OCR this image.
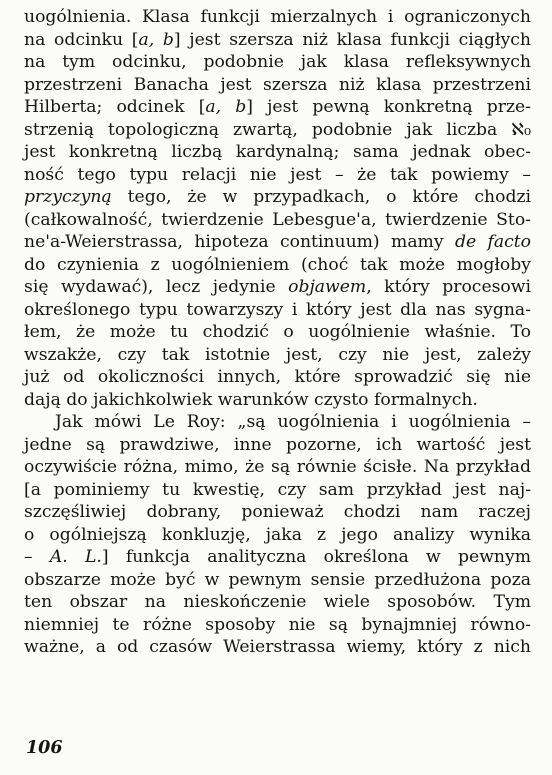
uogólnienia. Klasa funkcji mierzalnych i ograniczonych
na odcinku [a, b] jest szersza niż klasa funkcji ciągłych
na tym odcinku, podobnie jak klasa refleksywnych
przestrzeni Banacha jest szersza niż klasa przestrzeni
Hilberta; odcinek [a, b] jest pewną konkretną prze-
strzenią topologiczną zwartą, podobnie jak liczba ℵ₀
jest konkretną liczbą kardynalną; sama jednak obec-
ność tego typu relacji nie jest – że tak powiemy –
przyczyną tego, że w przypadkach, o które chodzi
(całkowalność, twierdzenie Lebesgue'a, twierdzenie Sto-
ne'a-Weierstrassa, hipoteza continuum) mamy de facto
do czynienia z uogólnieniem (choć tak może mogłoby
się wydawać), lecz jedynie objawem, który procesowi
określonego typu towarzyszy i który jest dla nas sygna-
łem, że może tu chodzić o uogólnienie właśnie. To
wszakże, czy tak istotnie jest, czy nie jest, zależy
już od okoliczności innych, które sprowadzić się nie
dają do jakichkolwiek warunków czysto formalnych.
Jak mówi Le Roy: „są uogólnienia i uogólnienia –
jedne są prawdziwe, inne pozorne, ich wartość jest
oczywiście różna, mimo, że są równie ścisłe. Na przykład
[a pominiemy tu kwestię, czy sam przykład jest naj-
szczęśliwiej dobrany, ponieważ chodzi nam raczej
o ogólniejszą konkluzję, jaka z jego analizy wynika
– A. L.] funkcja analityczna określona w pewnym
obszarze może być w pewnym sensie przedłużona poza
ten obszar na nieskończenie wiele sposobów. Tym
niemniej te różne sposoby nie są bynajmniej równo-
ważne, a od czasów Weierstrassa wiemy, który z nich
106
